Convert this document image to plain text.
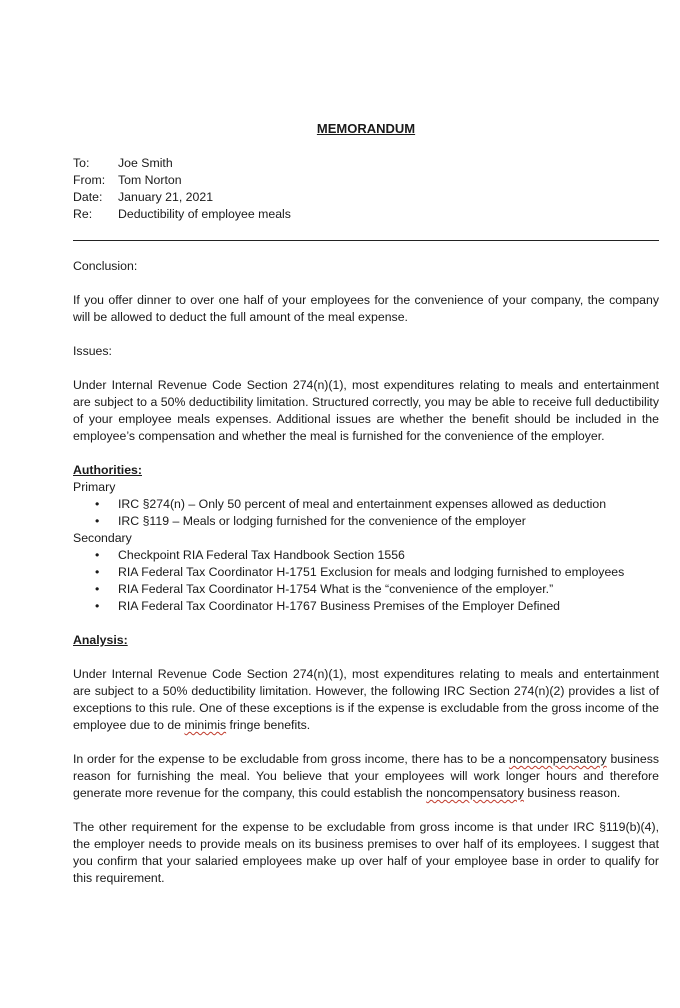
MEMORANDUM
To:	Joe Smith
From:	Tom Norton
Date:	January 21, 2021
Re:	Deductibility of employee meals

Conclusion:

If you offer dinner to over one half of your employees for the convenience of your company, the company will be allowed to deduct the full amount of the meal expense.

Issues:

Under Internal Revenue Code Section 274(n)(1), most expenditures relating to meals and entertainment are subject to a 50% deductibility limitation. Structured correctly, you may be able to receive full deductibility of your employee meals expenses. Additional issues are whether the benefit should be included in the employee’s compensation and whether the meal is furnished for the convenience of the employer.

Authorities:
Primary
• IRC §274(n) – Only 50 percent of meal and entertainment expenses allowed as deduction
• IRC §119 – Meals or lodging furnished for the convenience of the employer
Secondary
• Checkpoint RIA Federal Tax Handbook Section 1556
• RIA Federal Tax Coordinator H-1751 Exclusion for meals and lodging furnished to employees
• RIA Federal Tax Coordinator H-1754 What is the “convenience of the employer.”
• RIA Federal Tax Coordinator H-1767 Business Premises of the Employer Defined

Analysis:

Under Internal Revenue Code Section 274(n)(1), most expenditures relating to meals and entertainment are subject to a 50% deductibility limitation. However, the following IRC Section 274(n)(2) provides a list of exceptions to this rule. One of these exceptions is if the expense is excludable from the gross income of the employee due to de minimis fringe benefits.

In order for the expense to be excludable from gross income, there has to be a noncompensatory business reason for furnishing the meal. You believe that your employees will work longer hours and therefore generate more revenue for the company, this could establish the noncompensatory business reason.

The other requirement for the expense to be excludable from gross income is that under IRC §119(b)(4), the employer needs to provide meals on its business premises to over half of its employees. I suggest that you confirm that your salaried employees make up over half of your employee base in order to qualify for this requirement.
